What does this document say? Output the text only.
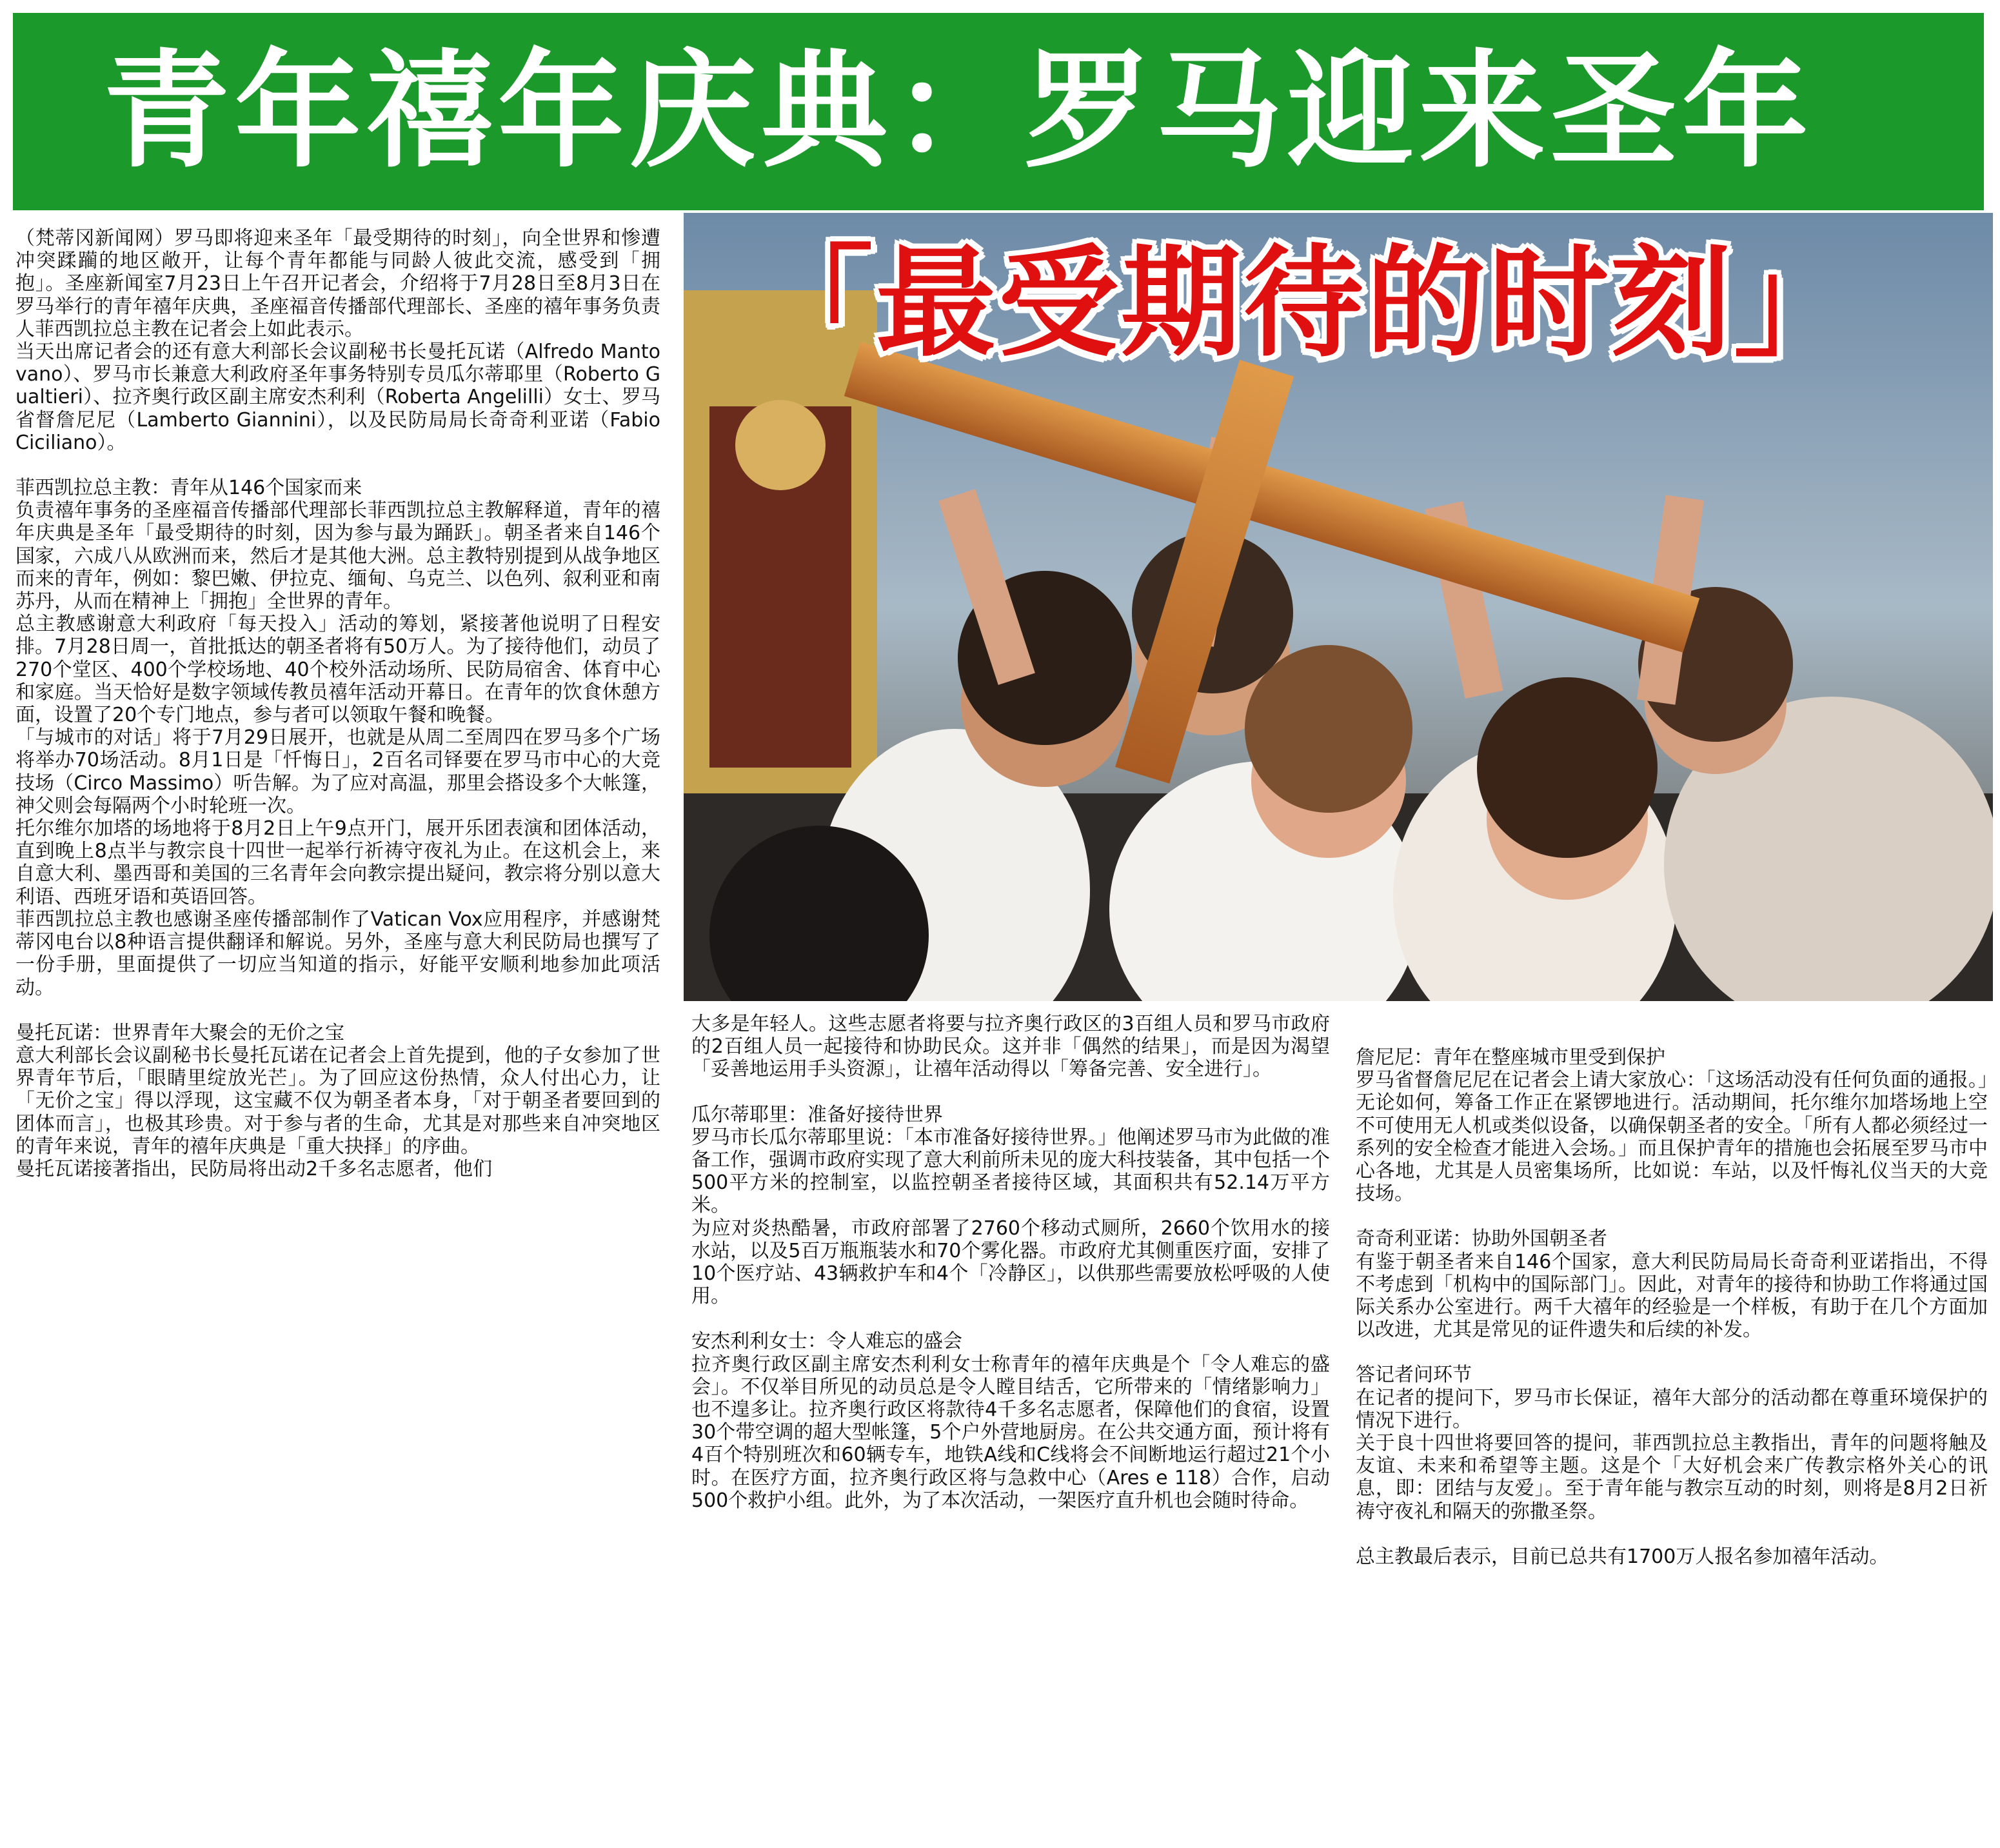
青年禧年庆典：罗马迎来圣年
「最受期待的时刻」

（梵蒂冈新闻网）罗马即将迎来圣年「最受期待的时刻」，向全世界和惨遭冲突蹂躏的地区敞开，让每个青年都能与同龄人彼此交流，感受到「拥抱」。圣座新闻室7月23日上午召开记者会，介绍将于7月28日至8月3日在罗马举行的青年禧年庆典，圣座福音传播部代理部长、圣座的禧年事务负责人菲西凯拉总主教在记者会上如此表示。

当天出席记者会的还有意大利部长会议副秘书长曼托瓦诺（Alfredo Mantovano）、罗马市长兼意大利政府圣年事务特别专员瓜尔蒂耶里（Roberto Gualtieri）、拉齐奥行政区副主席安杰利利（Roberta Angelilli）女士、罗马省督詹尼尼（Lamberto Giannini），以及民防局局长奇奇利亚诺（Fabio Ciciliano）。

菲西凯拉总主教：青年从146个国家而来

负责禧年事务的圣座福音传播部代理部长菲西凯拉总主教解释道，青年的禧年庆典是圣年「最受期待的时刻，因为参与最为踊跃」。朝圣者来自146个国家，六成八从欧洲而来，然后才是其他大洲。总主教特别提到从战争地区而来的青年，例如：黎巴嫩、伊拉克、缅甸、乌克兰、以色列、叙利亚和南苏丹，从而在精神上「拥抱」全世界的青年。

总主教感谢意大利政府「每天投入」活动的筹划，紧接著他说明了日程安排。7月28日周一，首批抵达的朝圣者将有50万人。为了接待他们，动员了270个堂区、400个学校场地、40个校外活动场所、民防局宿舍、体育中心和家庭。当天恰好是数字领域传教员禧年活动开幕日。在青年的饮食休憩方面，设置了20个专门地点，参与者可以领取午餐和晚餐。

「与城市的对话」将于7月29日展开，也就是从周二至周四在罗马多个广场将举办70场活动。8月1日是「忏悔日」，2百名司铎要在罗马市中心的大竞技场（Circo Massimo）听告解。为了应对高温，那里会搭设多个大帐篷，神父则会每隔两个小时轮班一次。

托尔维尔加塔的场地将于8月2日上午9点开门，展开乐团表演和团体活动，直到晚上8点半与教宗良十四世一起举行祈祷守夜礼为止。在这机会上，来自意大利、墨西哥和美国的三名青年会向教宗提出疑问，教宗将分别以意大利语、西班牙语和英语回答。

菲西凯拉总主教也感谢圣座传播部制作了Vatican Vox应用程序，并感谢梵蒂冈电台以8种语言提供翻译和解说。另外，圣座与意大利民防局也撰写了一份手册，里面提供了一切应当知道的指示，好能平安顺利地参加此项活动。

曼托瓦诺：世界青年大聚会的无价之宝

意大利部长会议副秘书长曼托瓦诺在记者会上首先提到，他的子女参加了世界青年节后，「眼睛里绽放光芒」。为了回应这份热情，众人付出心力，让「无价之宝」得以浮现，这宝藏不仅为朝圣者本身，「对于朝圣者要回到的团体而言」，也极其珍贵。对于参与者的生命，尤其是对那些来自冲突地区的青年来说，青年的禧年庆典是「重大抉择」的序曲。

曼托瓦诺接著指出，民防局将出动2千多名志愿者，他们

大多是年轻人。这些志愿者将要与拉齐奥行政区的3百组人员和罗马市政府的2百组人员一起接待和协助民众。这并非「偶然的结果」，而是因为渴望「妥善地运用手头资源」，让禧年活动得以「筹备完善、安全进行」。

瓜尔蒂耶里：准备好接待世界

罗马市长瓜尔蒂耶里说：「本市准备好接待世界。」他阐述罗马市为此做的准备工作，强调市政府实现了意大利前所未见的庞大科技装备，其中包括一个500平方米的控制室，以监控朝圣者接待区域，其面积共有52.14万平方米。

为应对炎热酷暑，市政府部署了2760个移动式厕所，2660个饮用水的接水站，以及5百万瓶瓶装水和70个雾化器。市政府尤其侧重医疗面，安排了10个医疗站、43辆救护车和4个「冷静区」，以供那些需要放松呼吸的人使用。

安杰利利女士：令人难忘的盛会

拉齐奥行政区副主席安杰利利女士称青年的禧年庆典是个「令人难忘的盛会」。不仅举目所见的动员总是令人瞠目结舌，它所带来的「情绪影响力」也不遑多让。拉齐奥行政区将款待4千多名志愿者，保障他们的食宿，设置30个带空调的超大型帐篷，5个户外营地厨房。在公共交通方面，预计将有4百个特别班次和60辆专车，地铁A线和C线将会不间断地运行超过21个小时。在医疗方面，拉齐奥行政区将与急救中心（Ares e 118）合作，启动500个救护小组。此外，为了本次活动，一架医疗直升机也会随时待命。

詹尼尼：青年在整座城市里受到保护

罗马省督詹尼尼在记者会上请大家放心：「这场活动没有任何负面的通报。」无论如何，筹备工作正在紧锣地进行。活动期间，托尔维尔加塔场地上空不可使用无人机或类似设备，以确保朝圣者的安全。「所有人都必须经过一系列的安全检查才能进入会场。」而且保护青年的措施也会拓展至罗马市中心各地，尤其是人员密集场所，比如说：车站，以及忏悔礼仪当天的大竞技场。

奇奇利亚诺：协助外国朝圣者

有鉴于朝圣者来自146个国家，意大利民防局局长奇奇利亚诺指出，不得不考虑到「机构中的国际部门」。因此，对青年的接待和协助工作将通过国际关系办公室进行。两千大禧年的经验是一个样板，有助于在几个方面加以改进，尤其是常见的证件遗失和后续的补发。

答记者问环节

在记者的提问下，罗马市长保证，禧年大部分的活动都在尊重环境保护的情况下进行。

关于良十四世将要回答的提问，菲西凯拉总主教指出，青年的问题将触及友谊、未来和希望等主题。这是个「大好机会来广传教宗格外关心的讯息，即：团结与友爱」。至于青年能与教宗互动的时刻，则将是8月2日祈祷守夜礼和隔天的弥撒圣祭。

总主教最后表示，目前已总共有1700万人报名参加禧年活动。
